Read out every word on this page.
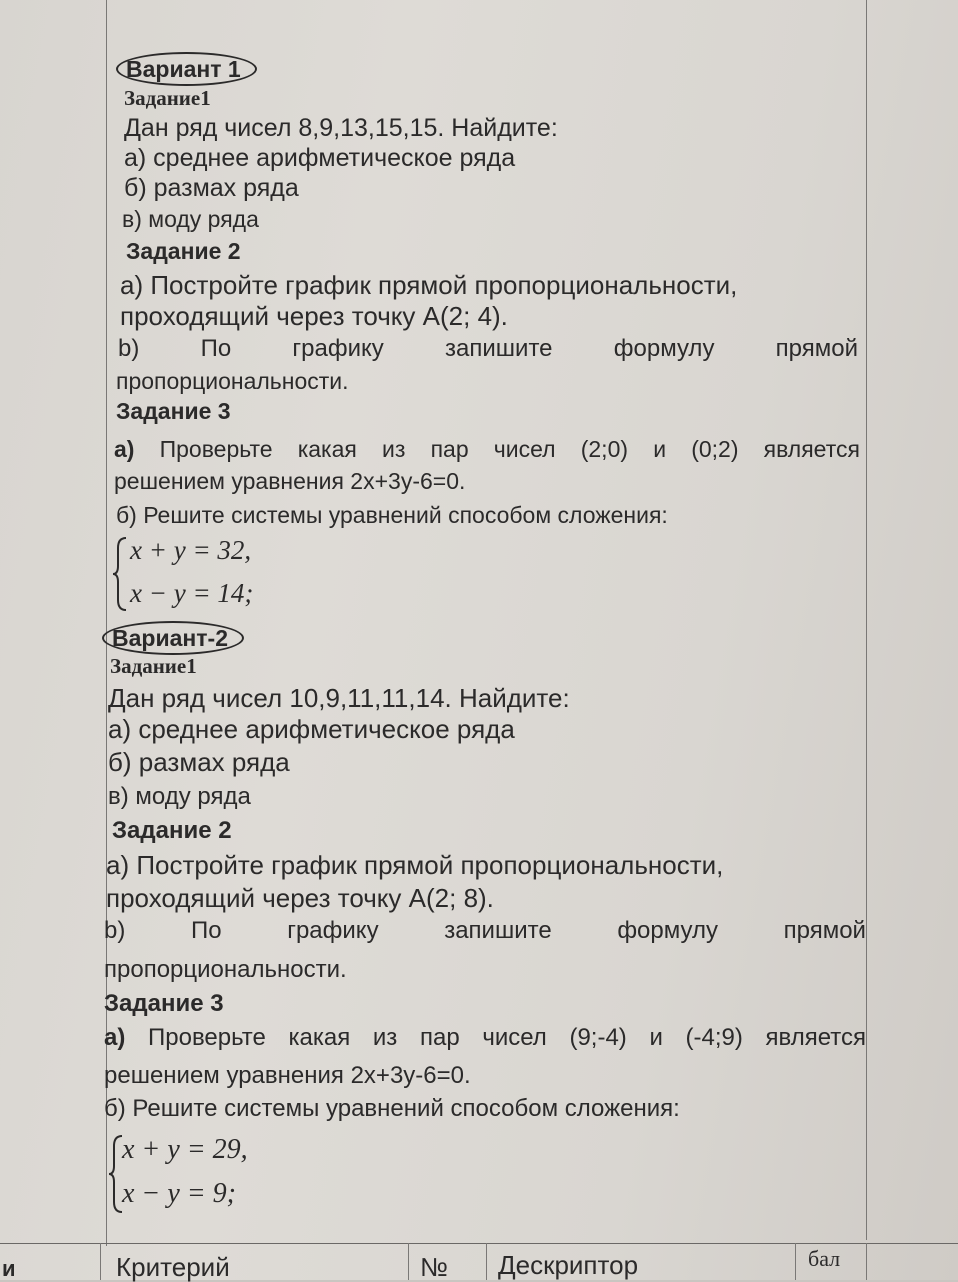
Вариант 1
Задание1
Дан ряд чисел 8,9,13,15,15. Найдите:
а) среднее арифметическое ряда
б) размах ряда
в) моду ряда
Задание 2
а) Постройте график прямой пропорциональности,
проходящий через точку A(2; 4).
b)	По	графику	запишите	формулу	прямой
пропорциональности.
Задание 3
а) Проверьте какая из пар чисел (2;0) и (0;2) является
решением уравнения 2x+3y-6=0.
б) Решите системы уравнений способом сложения:
x + y = 32,
x − y = 14;
Вариант-2
Задание1
Дан ряд чисел 10,9,11,11,14. Найдите:
а) среднее арифметическое ряда
б) размах ряда
в) моду ряда
Задание 2
а) Постройте график прямой пропорциональности,
проходящий через точку A(2; 8).
b)	По	графику	запишите	формулу	прямой
пропорциональности.
Задание 3
а) Проверьте какая из пар чисел (9;-4) и (-4;9) является
решением уравнения 2x+3y-6=0.
б) Решите системы уравнений способом сложения:
x + y = 29,
x − y = 9;
и	Критерий	№ Дескриптор	бал
